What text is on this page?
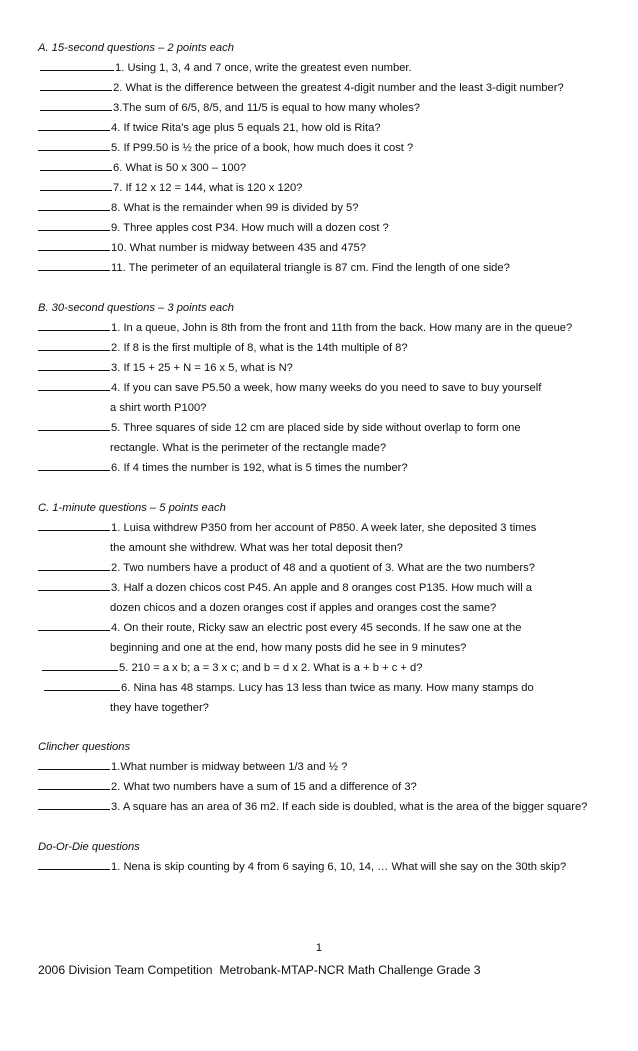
A. 15-second questions – 2 points each
1. Using 1, 3, 4 and 7 once, write the greatest even number.
2. What is the difference between the greatest 4-digit number and the least 3-digit number?
3.The sum of 6/5, 8/5, and 11/5 is equal to how many wholes?
4. If twice Rita's age plus 5 equals 21, how old is Rita?
5. If P99.50 is ½ the price of a book, how much does it cost ?
6. What is 50 x 300 – 100?
7. If 12 x 12 = 144, what is 120 x 120?
8. What is the remainder when 99 is divided by 5?
9. Three apples cost P34. How much will a dozen cost ?
10. What number is midway between 435 and 475?
11. The perimeter of an equilateral triangle is 87 cm. Find the length of one side?
B. 30-second questions – 3 points each
1. In a queue, John is 8th from the front and 11th from the back. How many are in the queue?
2. If 8 is the first multiple of 8, what is the 14th multiple of 8?
3. If 15 + 25 + N = 16 x 5, what is N?
4. If you can save P5.50 a week, how many weeks do you need to save to buy yourself
a shirt worth P100?
5. Three squares of side 12 cm are placed side by side without overlap to form one
rectangle. What is the perimeter of the rectangle made?
6. If 4 times the number is 192, what is 5 times the number?
C. 1-minute questions – 5 points each
1. Luisa withdrew P350 from her account of P850. A week later, she deposited 3 times
the amount she withdrew. What was her total deposit then?
2. Two numbers have a product of 48 and a quotient of 3. What are the two numbers?
3. Half a dozen chicos cost P45. An apple and 8 oranges cost P135. How much will a
dozen chicos and a dozen oranges cost if apples and oranges cost the same?
4. On their route, Ricky saw an electric post every 45 seconds. If he saw one at the
beginning and one at the end, how many posts did he see in 9 minutes?
5. 210 = a x b; a = 3 x c; and b = d x 2. What is a + b + c + d?
6. Nina has 48 stamps. Lucy has 13 less than twice as many. How many stamps do
they have together?
Clincher questions
1.What number is midway between 1/3 and ½ ?
2. What two numbers have a sum of 15 and a difference of 3?
3. A square has an area of 36 m2. If each side is doubled, what is the area of the bigger square?
Do-Or-Die questions
1. Nena is skip counting by 4 from 6 saying 6, 10, 14, … What will she say on the 30th skip?
1
2006 Division Team Competition Metrobank-MTAP-NCR Math Challenge Grade 3
